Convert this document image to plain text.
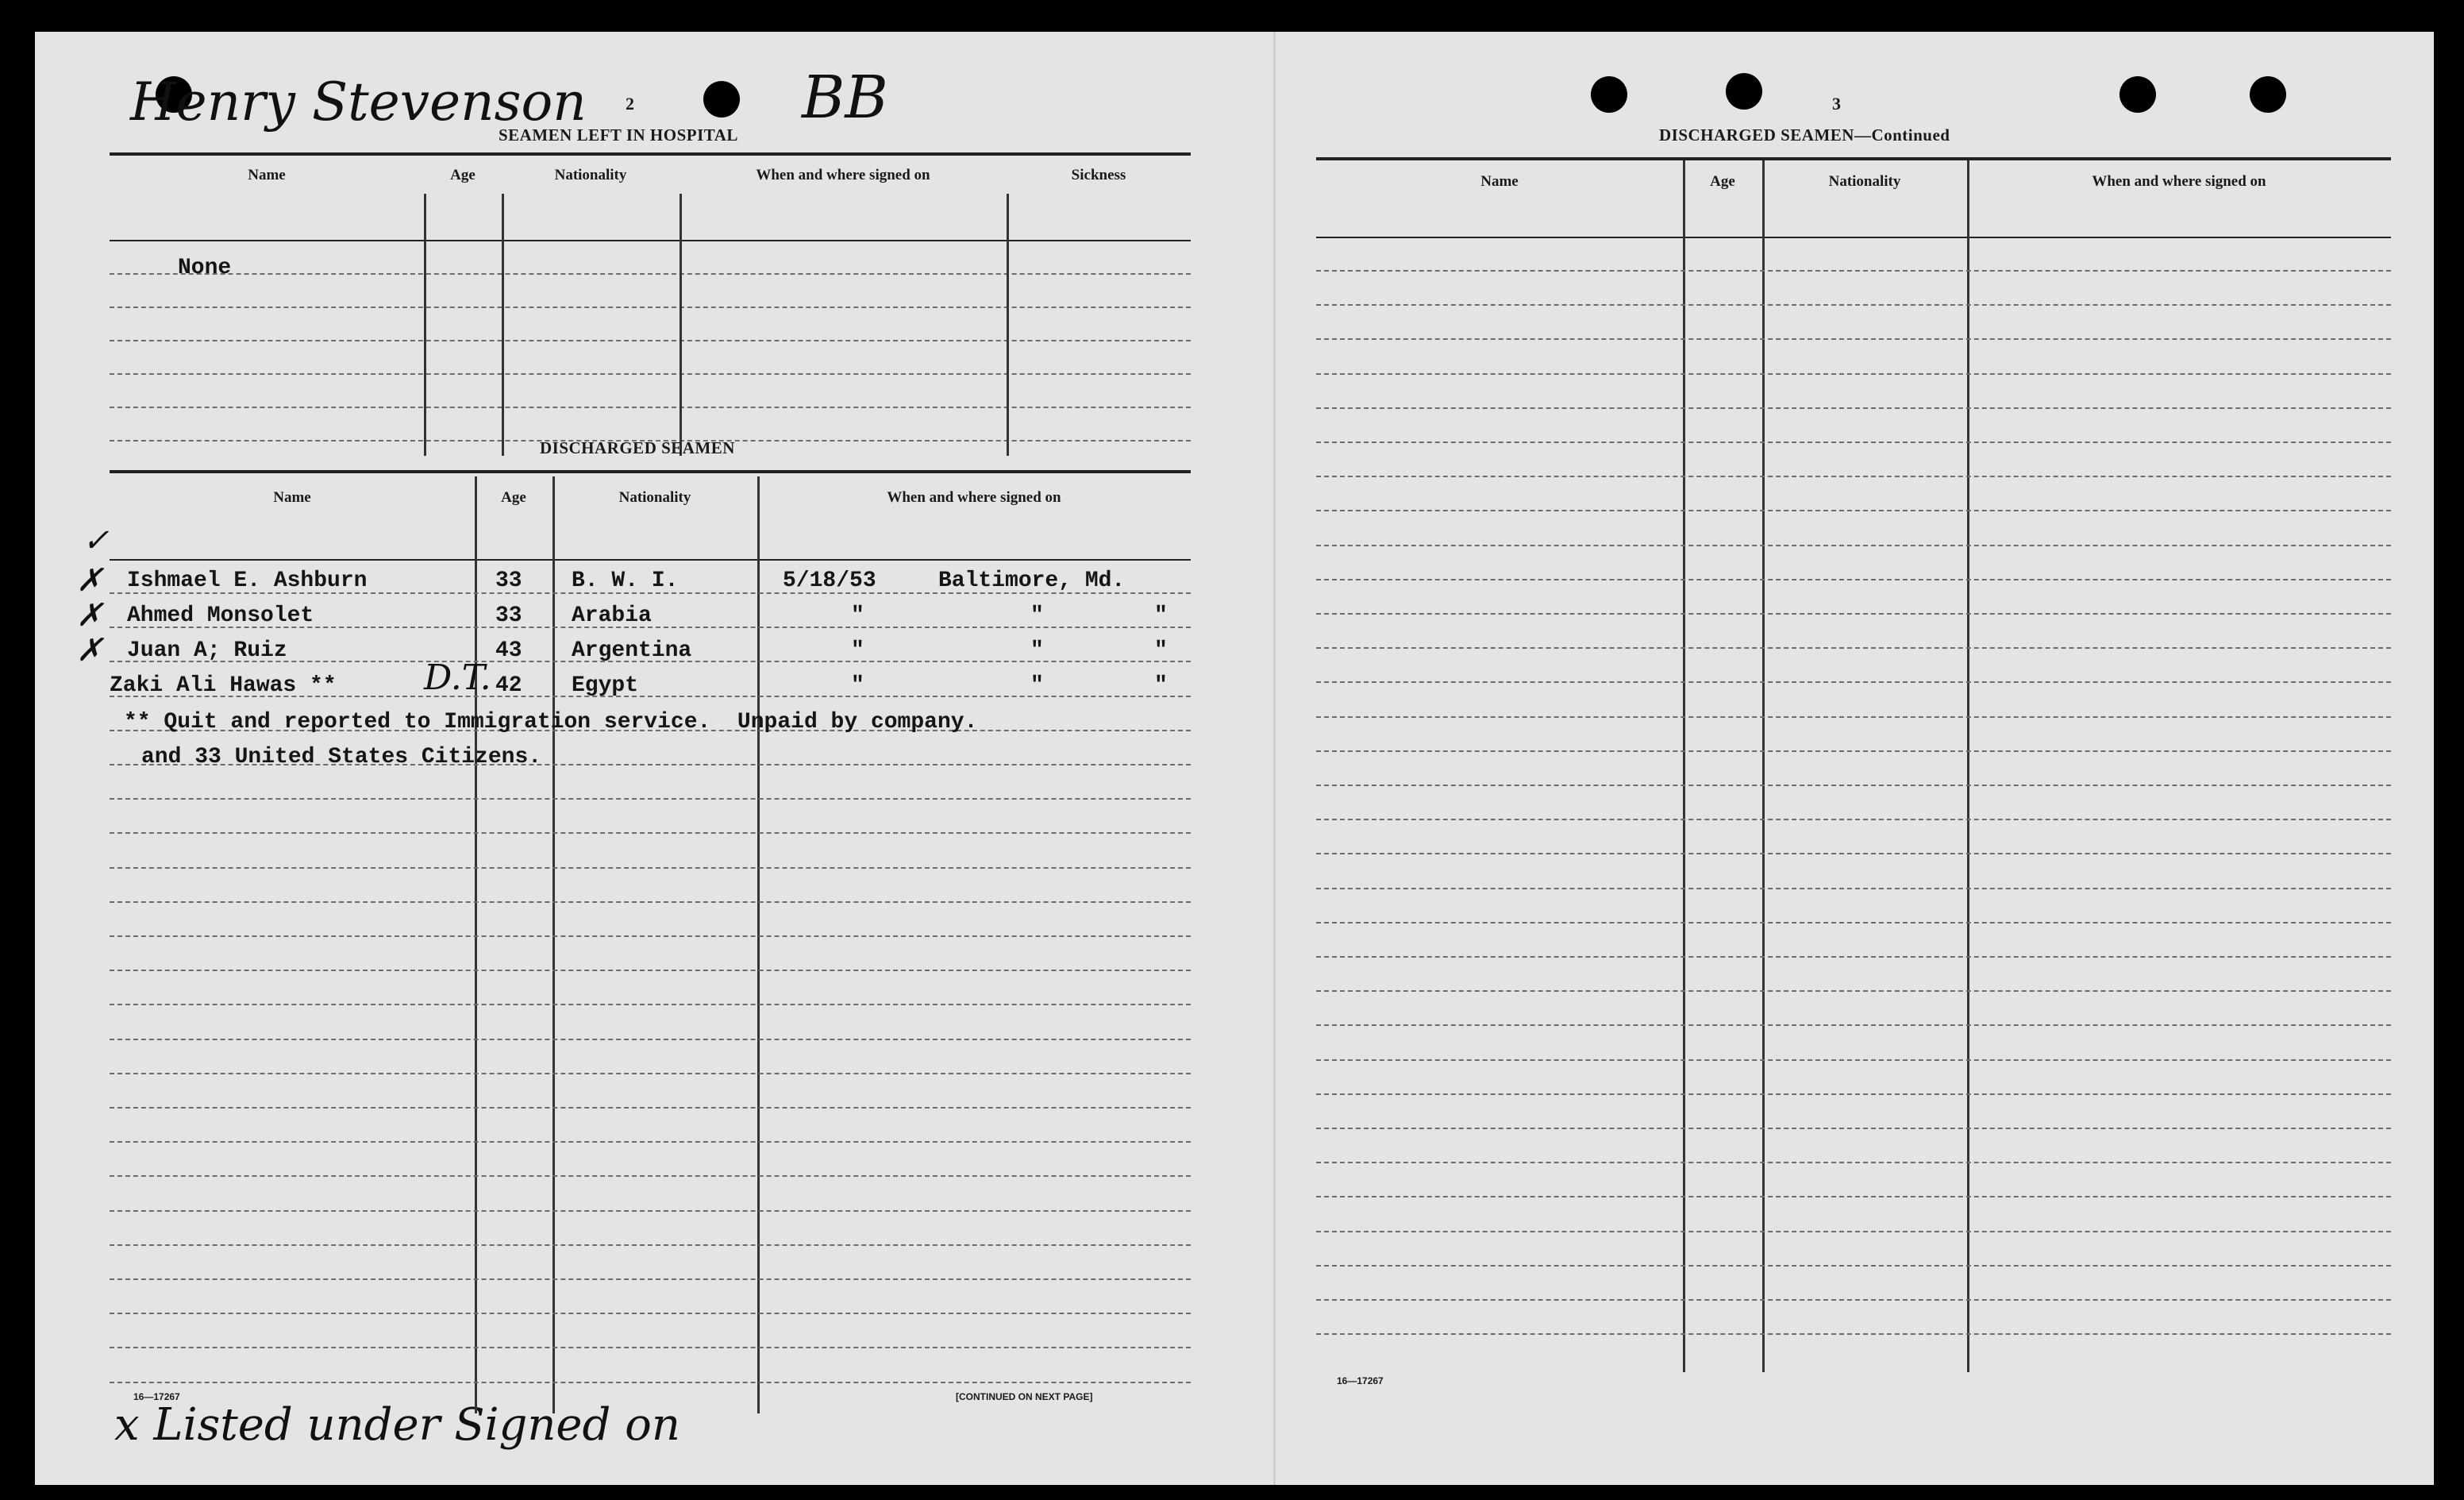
Henry Stevenson	BB
x Listed under Signed on
2
SEAMEN LEFT IN HOSPITAL
Name	Age	Nationality	When and where signed on	Sickness
None
DISCHARGED SEAMEN
Name	Age	Nationality	When and where signed on
Ishmael E. Ashburn	33 B. W. I.	5/18/53	Baltimore, Md.
Ahmed Monsolet	33 Arabia	"	"	"
Juan A; Ruiz	43 Argentina	"	"	"
Zaki Ali Hawas **	42 Egypt	"	"	"
D.T.
** Quit and reported to Immigration service.  Unpaid by company.
and 33 United States Citizens.
✓
✗
✗
✗
16—17267	[CONTINUED ON NEXT PAGE]
3
DISCHARGED SEAMEN—Continued
Name	Age	Nationality	When and where signed on
16—17267
